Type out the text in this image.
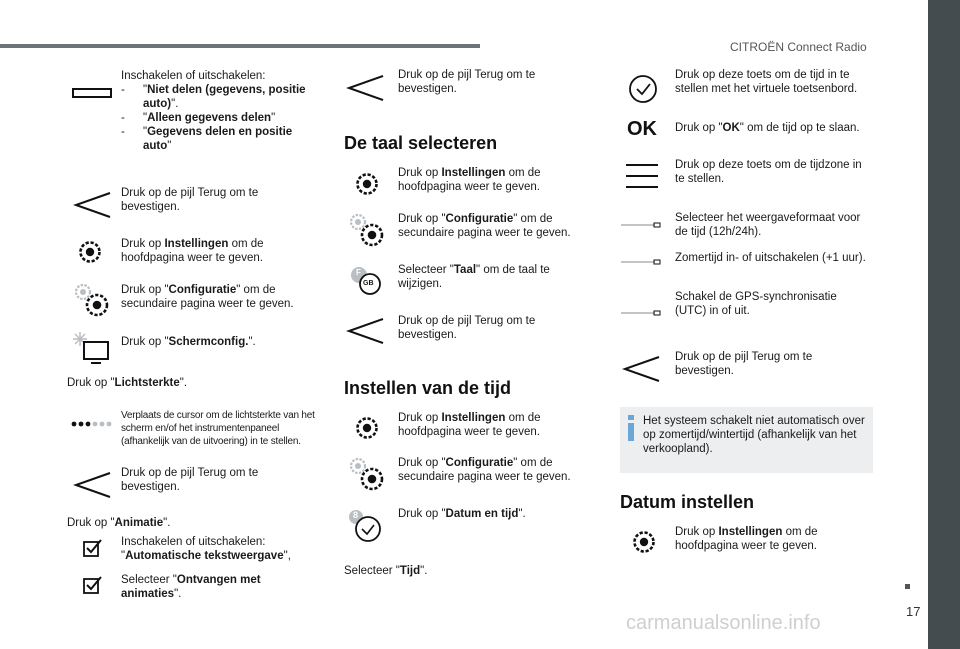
CITROËN Connect Radio
Inschakelen of uitschakelen:
- "Niet delen (gegevens, positie auto)".
- "Alleen gegevens delen"
- "Gegevens delen en positie auto"
Druk op de pijl Terug om te bevestigen.
Druk op Instellingen om de hoofdpagina weer te geven.
Druk op "Configuratie" om de secundaire pagina weer te geven.
Druk op "Schermconfig.".
Druk op "Lichtsterkte".
Verplaats de cursor om de lichtsterkte van het scherm en/of het instrumentenpaneel (afhankelijk van de uitvoering) in te stellen.
Druk op de pijl Terug om te bevestigen.
Druk op "Animatie".
Inschakelen of uitschakelen:
"Automatische tekstweergave",
Selecteer "Ontvangen met animaties".
Druk op de pijl Terug om te bevestigen.
De taal selecteren
Druk op Instellingen om de hoofdpagina weer te geven.
Druk op "Configuratie" om de secundaire pagina weer te geven.
F
GB
Selecteer "Taal" om de taal te wijzigen.
Druk op de pijl Terug om te bevestigen.
Instellen van de tijd
Druk op Instellingen om de hoofdpagina weer te geven.
Druk op "Configuratie" om de secundaire pagina weer te geven.
8	Druk op "Datum en tijd".
Selecteer "Tijd".
Druk op deze toets om de tijd in te stellen met het virtuele toetsenbord.
OK Druk op "OK" om de tijd op te slaan.
Druk op deze toets om de tijdzone in te stellen.
Selecteer het weergaveformaat voor de tijd (12h/24h).
Zomertijd in- of uitschakelen (+1 uur).
Schakel de GPS-synchronisatie (UTC) in of uit.
Druk op de pijl Terug om te bevestigen.
Het systeem schakelt niet automatisch over op zomertijd/wintertijd (afhankelijk van het verkoopland).
Datum instellen
Druk op Instellingen om de hoofdpagina weer te geven.
17
carmanualsonline.info
